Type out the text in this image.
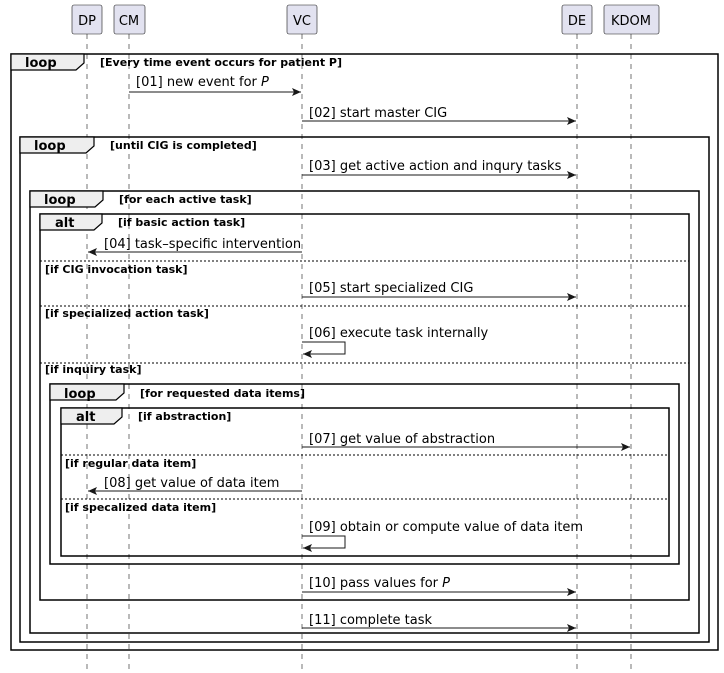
DP CM	VC	DE KDOM
loop	[Every time event occurs for patient P]
loop	[until CIG is completed]
loop	[for each active task]
alt	[if basic action task]
[if CIG invocation task]
[if specialized action task]
[if inquiry task]
loop	[for requested data items]
alt	[if abstraction]
[if regular data item]
[if specalized data item]
[01] new event for P
[02] start master CIG
[03] get active action and inqury tasks
[04] task–specific intervention
[05] start specialized CIG
[06] execute task internally
[07] get value of abstraction
[08] get value of data item
[09] obtain or compute value of data item
[10] pass values for P
[11] complete task
